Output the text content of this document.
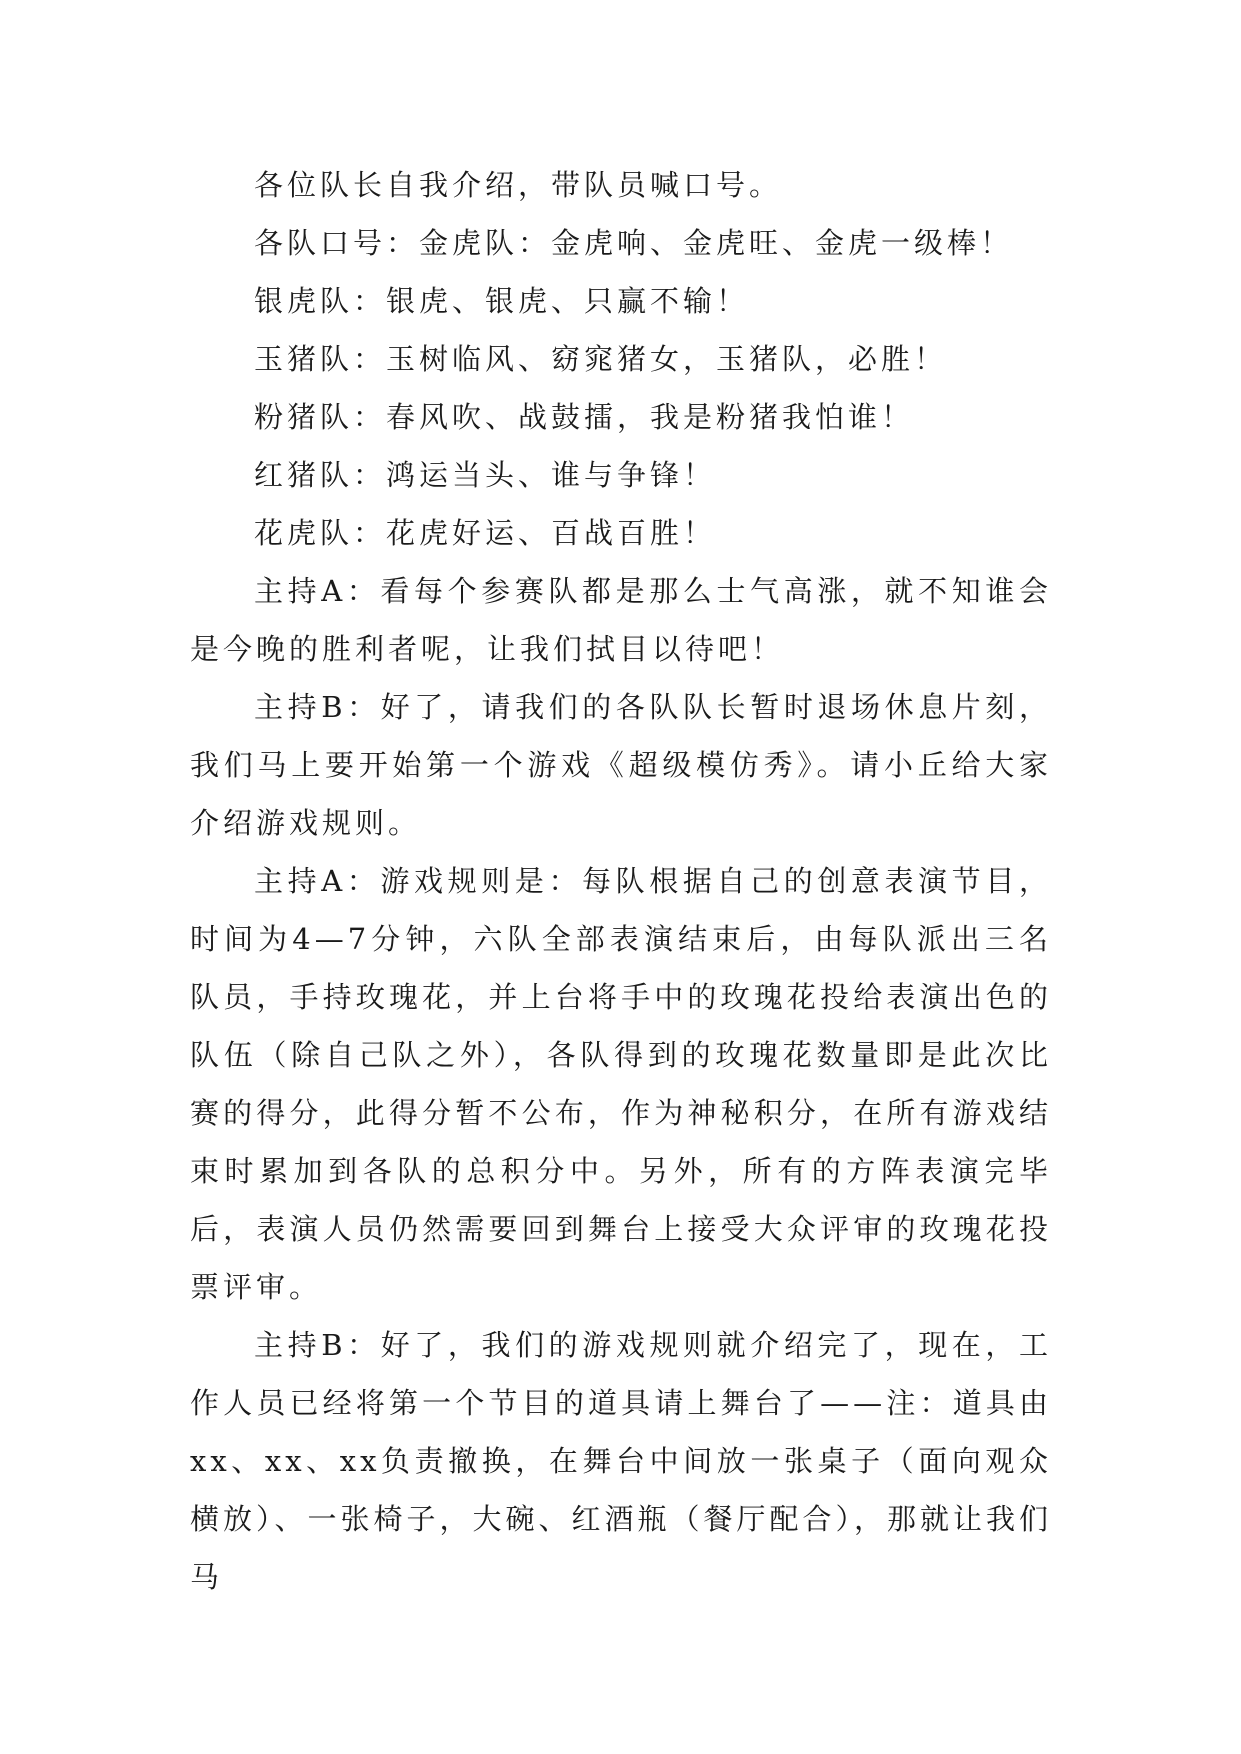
各位队长自我介绍，带队员喊口号。

各队口号：金虎队：金虎响、金虎旺、金虎一级棒！

银虎队：银虎、银虎、只赢不输！

玉猪队：玉树临风、窈窕猪女，玉猪队，必胜！

粉猪队：春风吹、战鼓擂，我是粉猪我怕谁！

红猪队：鸿运当头、谁与争锋！

花虎队：花虎好运、百战百胜！

主持A：看每个参赛队都是那么士气高涨，就不知谁会是今晚的胜利者呢，让我们拭目以待吧！

主持B：好了，请我们的各队队长暂时退场休息片刻，我们马上要开始第一个游戏《超级模仿秀》。请小丘给大家介绍游戏规则。

主持A：游戏规则是：每队根据自己的创意表演节目，时间为4—7分钟，六队全部表演结束后，由每队派出三名队员，手持玫瑰花，并上台将手中的玫瑰花投给表演出色的队伍（除自己队之外），各队得到的玫瑰花数量即是此次比赛的得分，此得分暂不公布，作为神秘积分，在所有游戏结束时累加到各队的总积分中。另外，所有的方阵表演完毕后，表演人员仍然需要回到舞台上接受大众评审的玫瑰花投票评审。

主持B：好了，我们的游戏规则就介绍完了，现在，工作人员已经将第一个节目的道具请上舞台了——注：道具由xx、xx、xx负责撤换，在舞台中间放一张桌子（面向观众横放）、一张椅子，大碗、红酒瓶（餐厅配合），那就让我们马
